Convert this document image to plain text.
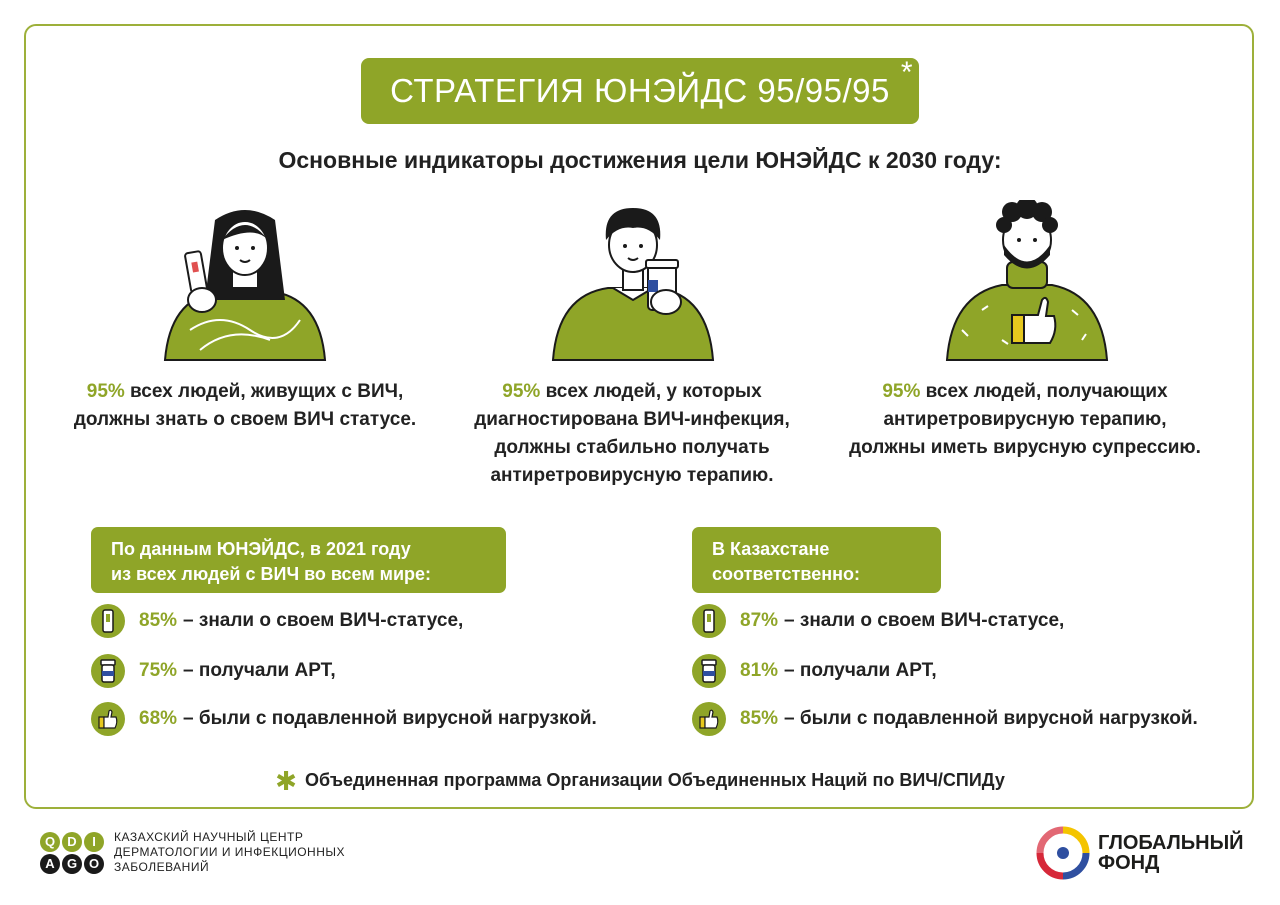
СТРАТЕГИЯ ЮНЭЙДС 95/95/95 *
Основные индикаторы достижения цели ЮНЭЙДС к 2030 году:
95% всех людей, живущих с ВИЧ, должны знать о своем ВИЧ статусе.
95% всех людей, у которых диагностирована ВИЧ-инфекция, должны стабильно получать антиретровирусную терапию.
95% всех людей, получающих антиретровирусную терапию, должны иметь вирусную супрессию.
По данным ЮНЭЙДС, в 2021 году
из всех людей с ВИЧ во всем мире:
85% – знали о своем ВИЧ-статусе,
75% – получали АРТ,
68% – были с подавленной вирусной нагрузкой.
В Казахстане
соответственно:
87% – знали о своем ВИЧ-статусе,
81% – получали АРТ,
85% – были с подавленной вирусной нагрузкой.
✱ Объединенная программа Организации Объединенных Наций по ВИЧ/СПИДу
Q D	I
A G O
КАЗАХСКИЙ НАУЧНЫЙ ЦЕНТР
ДЕРМАТОЛОГИИ И ИНФЕКЦИОННЫХ
ЗАБОЛЕВАНИЙ
ГЛОБАЛЬНЫЙ
ФОНД
